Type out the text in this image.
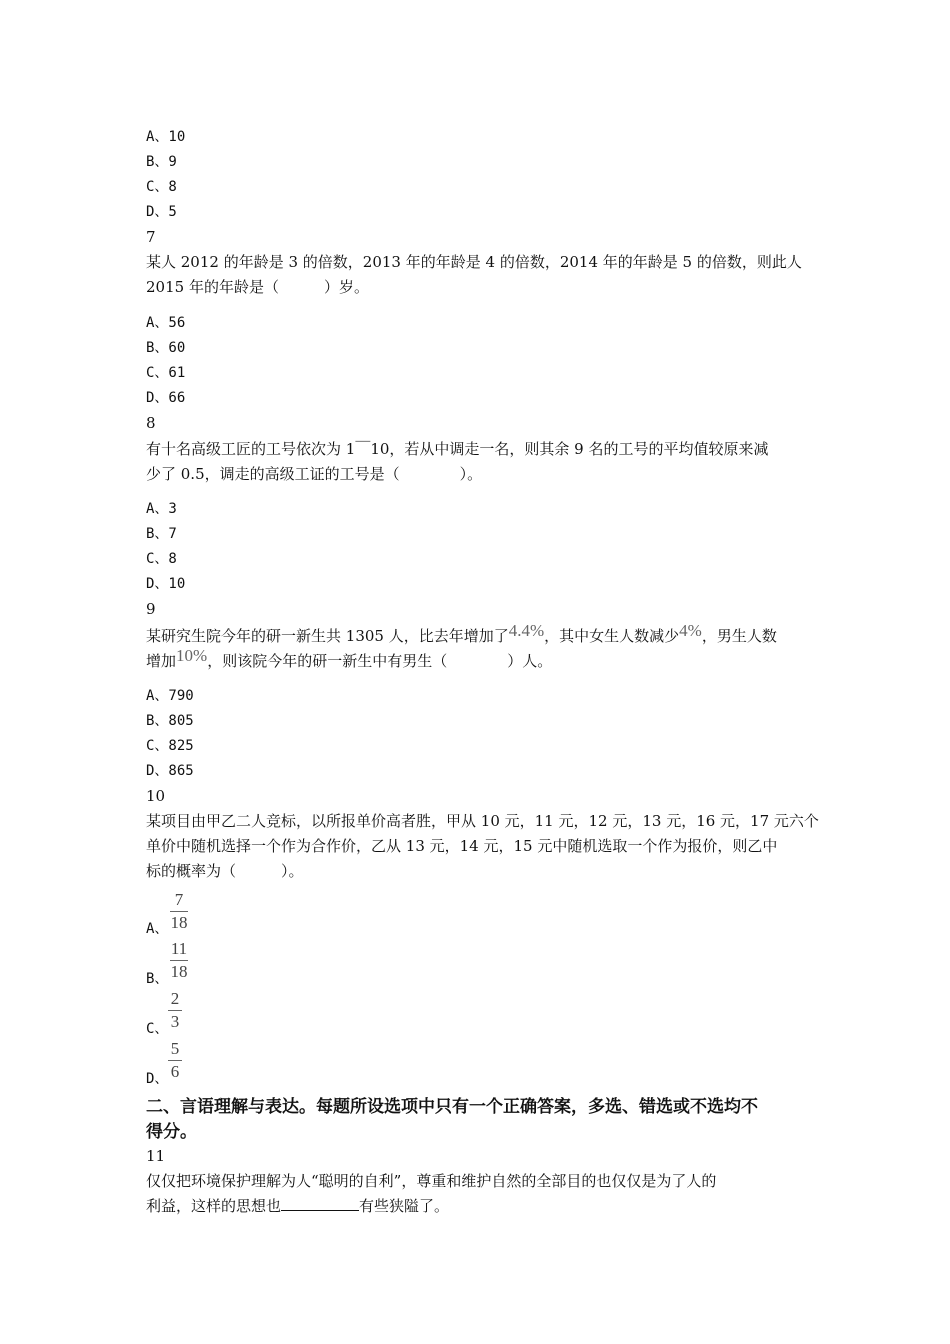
A、10
B、9
C、8
D、5
7
某人 2012 的年龄是 3 的倍数，2013 年的年龄是 4 的倍数，2014 年的年龄是 5 的倍数，则此人
2015 年的年龄是（　　　）岁。
A、56
B、60
C、61
D、66
8
有十名高级工匠的工号依次为 1￣10，若从中调走一名，则其余 9 名的工号的平均值较原来减
少了 0.5，调走的高级工证的工号是（　　　　）。
A、3
B、7
C、8
D、10
9
某研究生院今年的研一新生共 1305 人，比去年增加了4.4%，其中女生人数减少4%，男生人数
增加10%，则该院今年的研一新生中有男生（　　　　）人。
A、790
B、805
C、825
D、865
10
某项目由甲乙二人竞标，以所报单价高者胜，甲从 10 元，11 元，12 元，13 元，16 元，17 元六个
单价中随机选择一个作为合作价，乙从 13 元，14 元，15 元中随机选取一个作为报价，则乙中
标的概率为（　　　）。
A、
7
18
B、
11
18
C、
2
3
D、
5
6
二、言语理解与表达。每题所设选项中只有一个正确答案，多选、错选或不选均不
得分。
11
仅仅把环境保护理解为人“聪明的自利”，尊重和维护自然的全部目的也仅仅是为了人的
利益，这样的思想也	有些狭隘了。
